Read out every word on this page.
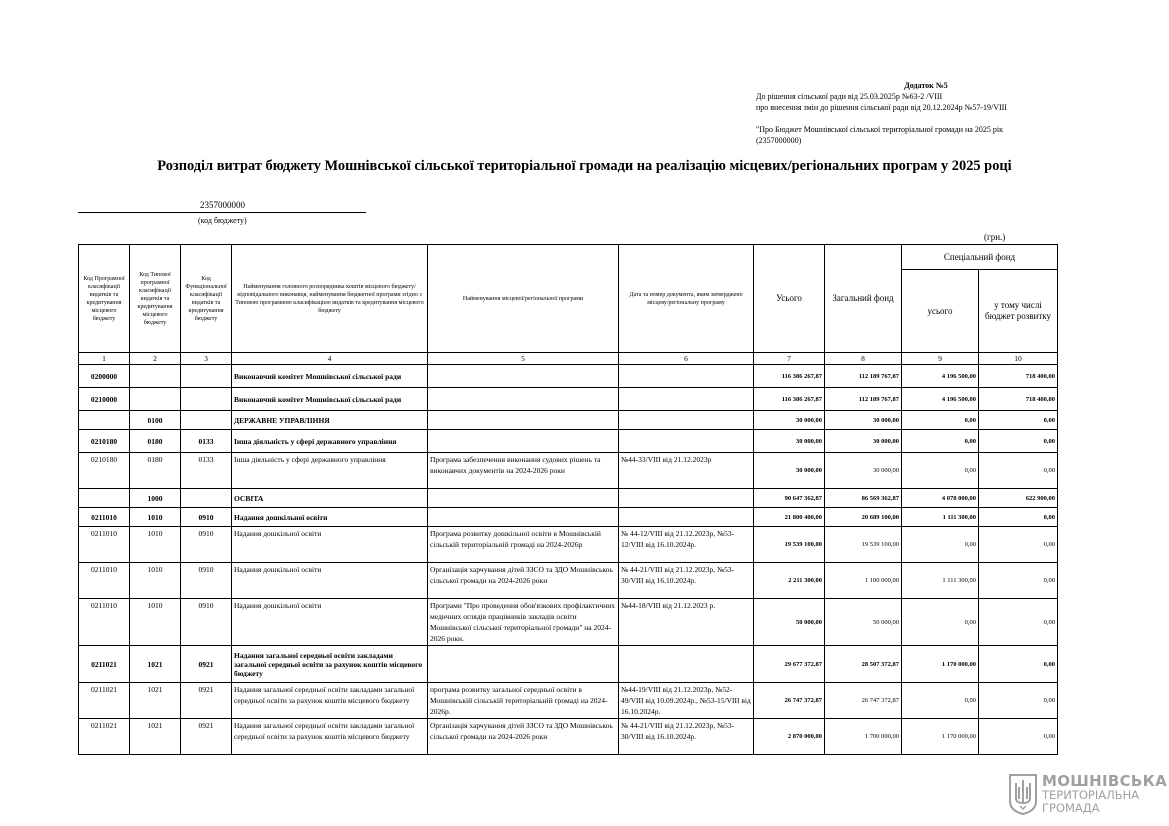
Додаток №5

До рішення сільської ради від 25.03.2025р №63-2 /VIII

про внесення змін до рішення сільської ради від 20.12.2024р №57-19/VIII

"Про Бюджет Мошнівської сільської територіальної громади на 2025 рік

(2357000000)

Розподіл витрат бюджету Мошнівської сільської територіальної громади на реалізацію місцевих/регіональних програм у 2025 році
2357000000
(код бюджету)
(грн.)
Код Програмної класифікації видатків та кредитування місцевого бюджету	Код Типової програмної класифікації видатків та кредитування місцевого бюджету	Код Функціональної класифікації видатків та кредитування бюджету	Найменування головного розпорядника коштів місцевого бюджету/ відповідального виконавця, найменування бюджетної програми згідно з Типовою програмною класифікацією видатків та кредитування місцевого бюджету	Найменування місцевої/регіональної програми	Дата та номер документа, яким затверджено місцеву/регіональну програму	Усього	Загальний фонд	Спеціальний фонд	
								усього	у тому числі бюджет розвитку
1	2	3	4	5	6	7	8	9	10
0200000			Виконавчий комітет Мошнівської сільської ради			116 386 267,87	112 189 767,87	4 196 500,00	718 400,00
0210000			Виконавчий комітет Мошнівської сільської ради			116 386 267,87	112 189 767,87	4 196 500,00	718 400,00
	0100		ДЕРЖАВНЕ УПРАВЛІННЯ			30 000,00	30 000,00	0,00	0,00
0210180	0180	0133	Інша діяльність у сфері державного управління			30 000,00	30 000,00	0,00	0,00
0210180	0180	0133	Інша діяльність у сфері державного управління	Програма забезпечення виконання судових рішень та виконавчих документів на 2024-2026 роки	№44-33/VIII від 21.12.2023р	30 000,00	30 000,00	0,00	0,00
	1000		ОСВІТА			90 647 362,87	86 569 362,87	4 078 000,00	622 900,00
0211010	1010	0910	Надання дошкільної освіти			21 800 400,00	20 689 100,00	1 111 300,00	0,00
0211010	1010	0910	Надання дошкільної освіти	Програма розвитку дошкільної освіти в Мошнівській сільській територіальній громаді на 2024-2026р	№ 44-12/VIII від 21.12.2023р, №53-12/VIII від 16.10.2024р.	19 539 100,00	19 539 100,00	0,00	0,00
0211010	1010	0910	Надання дошкільної освіти	Організація харчування дітей ЗЗСО та ЗДО Мошнівськоь сільської громади на 2024-2026 роки	№ 44-21/VIII від 21.12.2023р, №53-30/VIII від 16.10.2024р.	2 211 300,00	1 100 000,00	1 111 300,00	0,00
0211010	1010	0910	Надання дошкільної освіти	Програми "Про проведення обов'язкових профілактичних медичних оглядів працівників закладів освіти Мошнівської сільської територіальної громади" на 2024-2026 роки.	№44-18/VIII від 21.12.2023 р.	50 000,00	50 000,00	0,00	0,00
0211021	1021	0921	Надання загальної середньої освіти закладами загальної середньої освіти за рахунок коштів місцевого бюджету			29 677 372,87	28 507 372,87	1 170 000,00	0,00
0211021	1021	0921	Надання загальної середньої освіти закладами загальної середньої освіти за рахунок коштів місцевого бюджету	програма розвитку загальної середньої освіти в Мошнівській сільській територіальній громаді на 2024-2026р.	№44-19/VIII від 21.12.2023р, №52-49/VIII від 10.09.2024р., №53-15/VIII від 16.10.2024р.	26 747 372,87	26 747 372,87	0,00	0,00
0211021	1021	0921	Надання загальної середньої освіти закладами загальної середньої освіти за рахунок коштів місцевого бюджету	Організація харчування дітей ЗЗСО та ЗДО Мошнівськоь сільської громади на 2024-2026 роки	№ 44-21/VIII від 21.12.2023р, №53-30/VIII від 16.10.2024р.	2 870 000,00	1 700 000,00	1 170 000,00	0,00
МОШНІВСЬКА
ТЕРИТОРІАЛЬНА
ГРОМАДА
